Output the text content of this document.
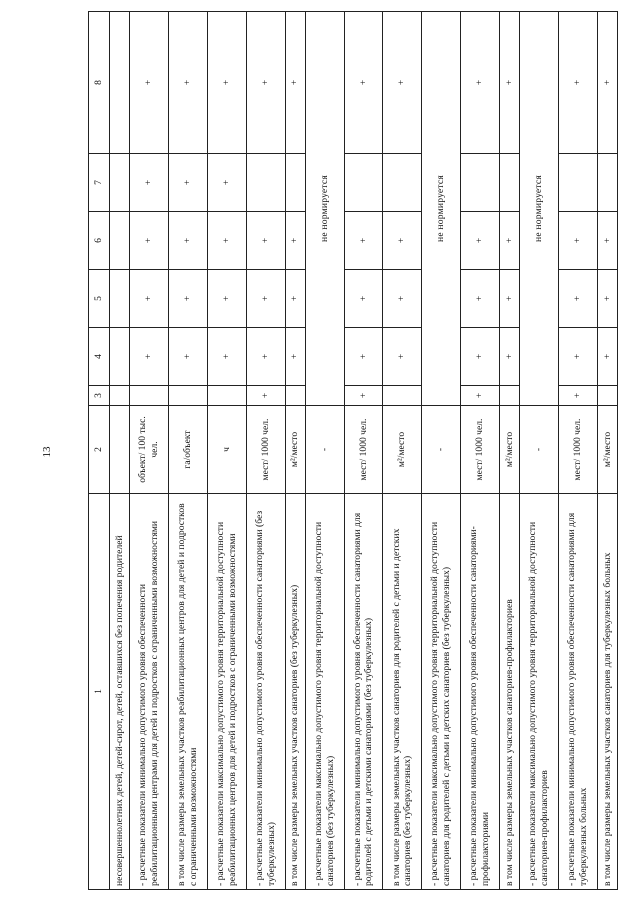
13
1	2	3	4	5	6	7	8
несовершеннолетних детей, детей-сирот, детей, оставшихся без попечения родителей							
- расчетные показатели минимально допустимого уровня обеспеченности реабилитационными центрами для детей и подростков с ограниченными возможностями	объект/ 100 тыс. чел.		+	+	+	+	+
в том числе размеры земельных участков реабилитационных центров для детей и подростков с ограниченными возможностями	га/объект		+	+	+	+	+
- расчетные показатели максимально допустимого уровня территориальной доступности реабилитационных центров для детей и подростков с ограниченными возможностями	ч		+	+	+	+	+
- расчетные показатели минимально допустимого уровня обеспеченности санаториями (без туберкулезных)	мест/ 1000 чел.	+	+	+	+		+
в том числе размеры земельных участков санаториев (без туберкулезных)	м²/место		+	+	+		+
- расчетные показатели максимально допустимого уровня территориальной доступности санаториев (без туберкулезных)	-	не нормируется					
- расчетные показатели минимально допустимого уровня обеспеченности санаториями для родителей с детьми и детскими санаториями (без туберкулезных)	мест/ 1000 чел.	+	+	+	+		+
в том числе размеры земельных участков санаториев для родителей с детьми и детских санаториев (без туберкулезных)	м²/место		+	+	+		+
- расчетные показатели максимально допустимого уровня территориальной доступности санаториев для родителей с детьми и детских санаториев (без туберкулезных)	-	не нормируется					
- расчетные показатели минимально допустимого уровня обеспеченности санаториями-профилакториями	мест/ 1000 чел.	+	+	+	+		+
в том числе размеры земельных участков санаториев-профилакториев	м²/место		+	+	+		+
- расчетные показатели максимально допустимого уровня территориальной доступности санаториев-профилакториев	-	не нормируется					
- расчетные показатели минимально допустимого уровня обеспеченности санаториями для туберкулезных больных	мест/ 1000 чел.	+	+	+	+		+
в том числе размеры земельных участков санаториев для туберкулезных больных	м²/место		+	+	+		+
